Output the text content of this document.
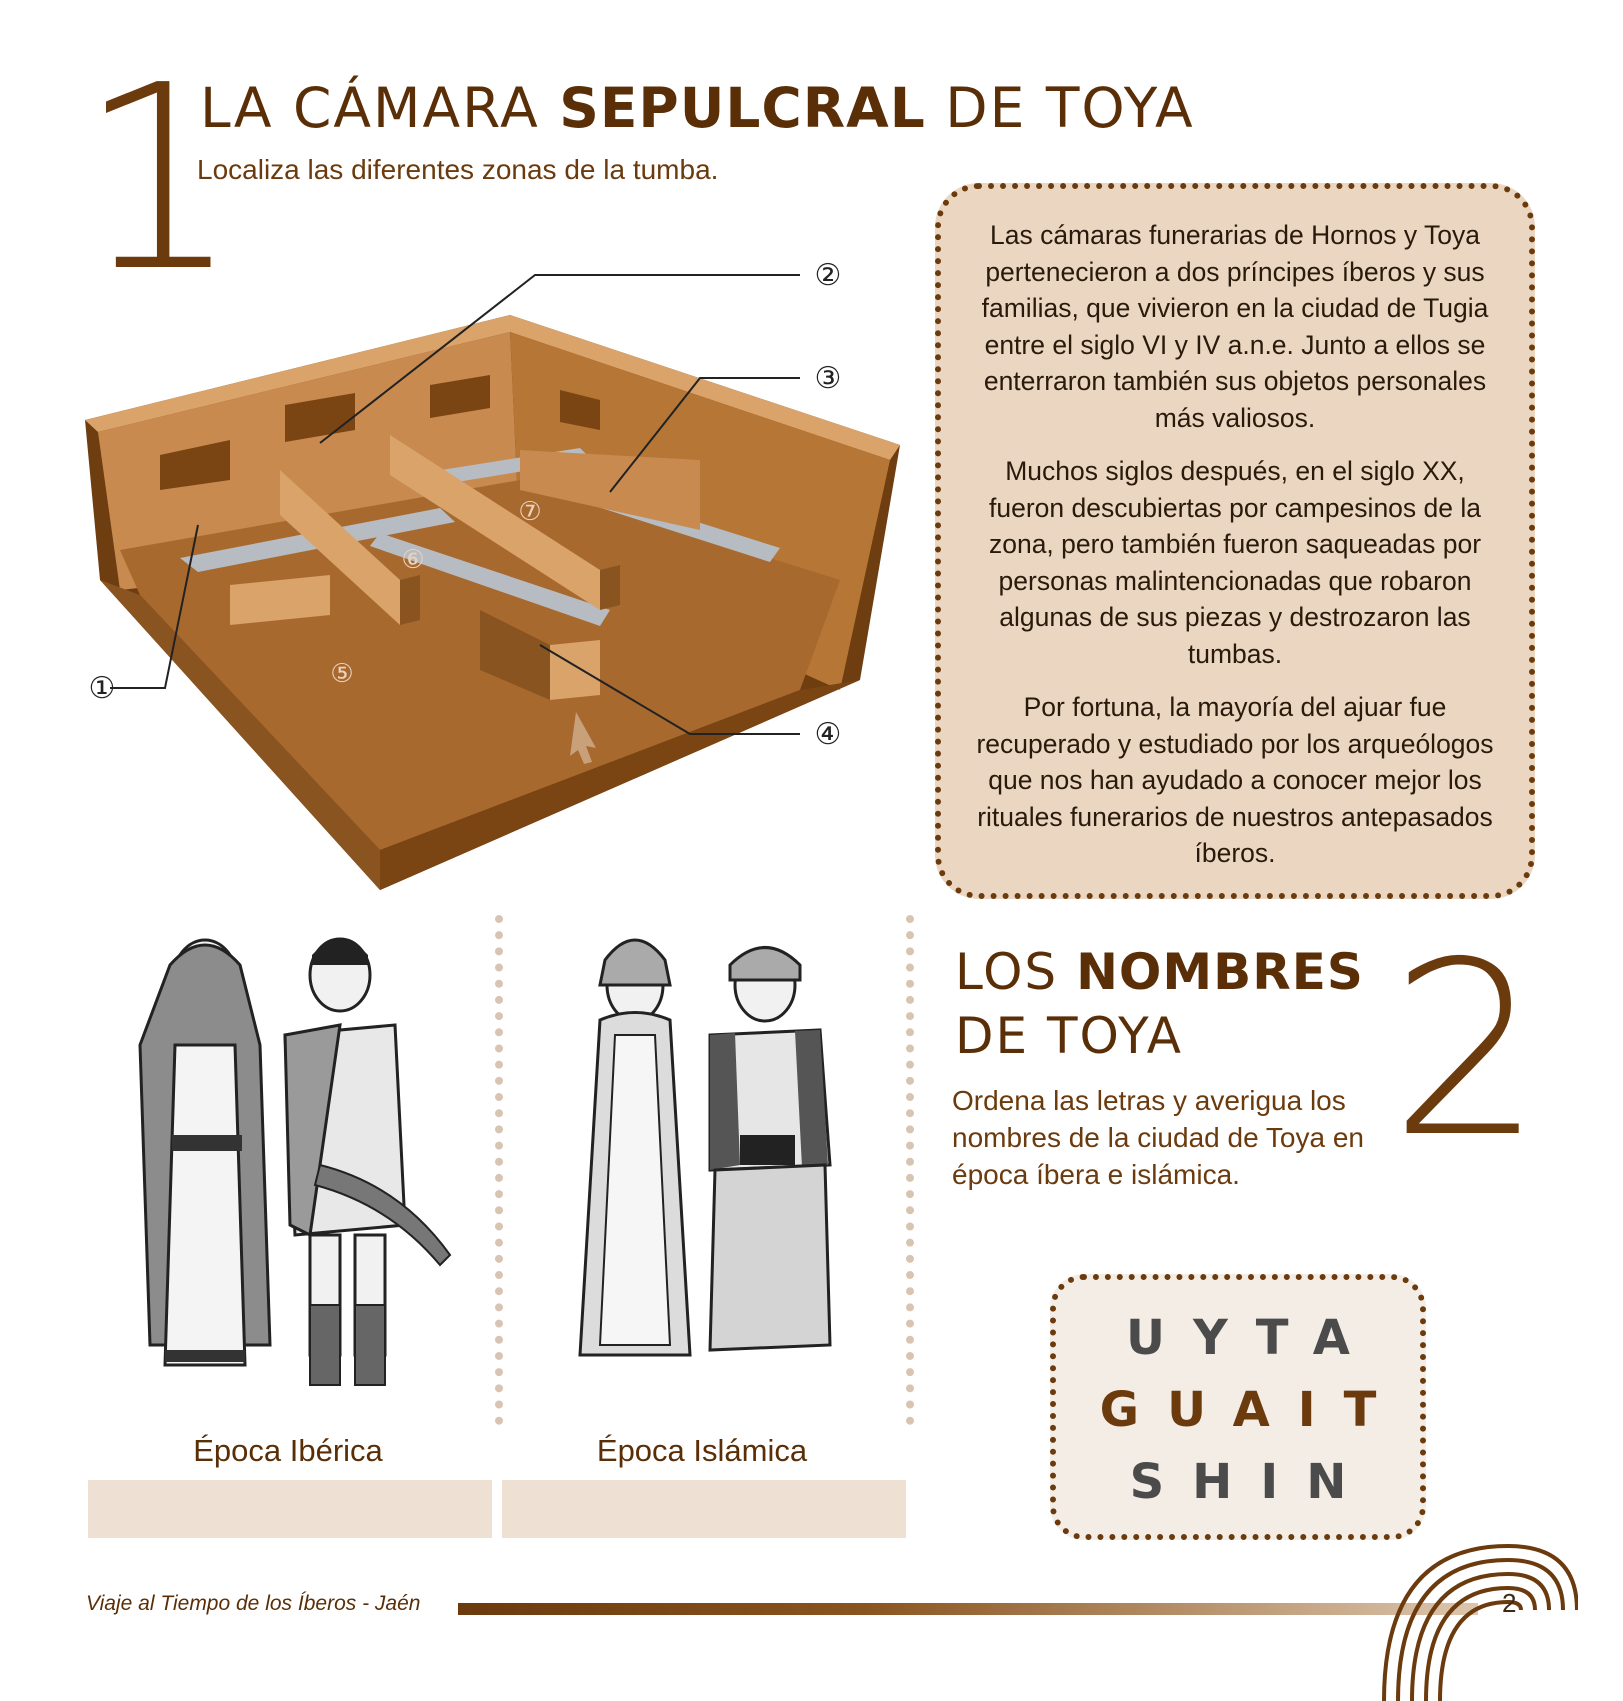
1
LA CÁMARA SEPULCRAL DE TOYA
Localiza las diferentes zonas de la tumba.
⑤
⑥
⑦
①
②
③
④

Las cámaras funerarias de Hornos y Toya pertenecieron a dos príncipes íberos y sus familias, que vivieron en la ciudad de Tugia entre el siglo VI y IV a.n.e. Junto a ellos se enterraron también sus objetos personales más valiosos.

Muchos siglos después, en el siglo XX, fueron descubiertas por campesinos de la zona, pero también fueron saqueadas por personas malintencionadas que robaron algunas de sus piezas y destrozaron las tumbas.

Por fortuna, la mayoría del ajuar fue recuperado y estudiado por los arqueólogos que nos han ayudado a conocer mejor los rituales funerarios de nuestros antepasados íberos.

Época Ibérica	Época Islámica
LOS NOMBRES
DE TOYA 2
Ordena las letras y averigua los nombres de la ciudad de Toya en época íbera e islámica.
UYTA
GUAIT
SHIN
Viaje al Tiempo de los Íberos - Jaén	2
